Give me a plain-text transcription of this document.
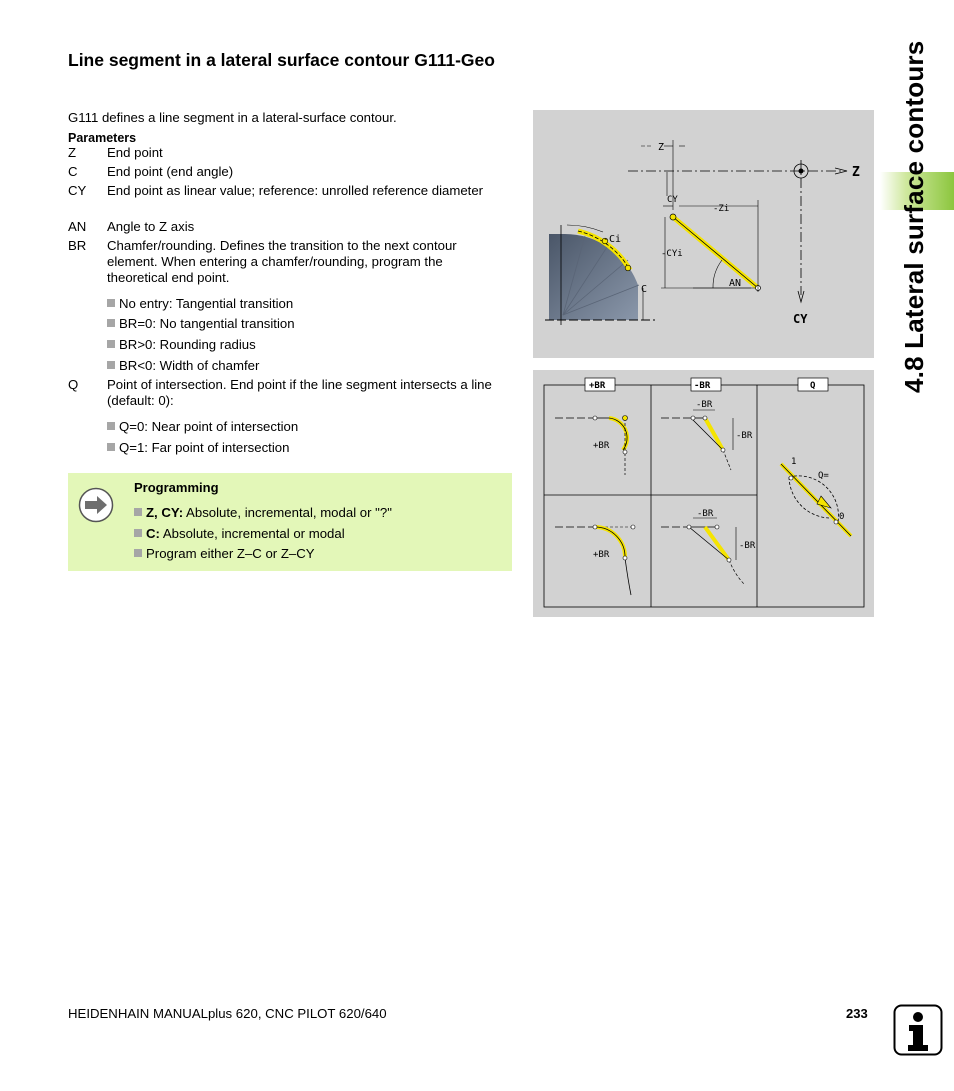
Line segment in a lateral surface contour G111-Geo
G111 defines a line segment in a lateral-surface contour.
Parameters
Z	End point
C	End point (end angle)
CY	End point as linear value; reference: unrolled reference diameter
AN	Angle to Z axis
BR	Chamfer/rounding. Defines the transition to the next contour element. When entering a chamfer/rounding, program the theoretical end point.
No entry: Tangential transition
BR=0: No tangential transition
BR>0: Rounding radius
BR<0: Width of chamfer
Q	Point of intersection. End point if the line segment intersects a line (default: 0):
Q=0: Near point of intersection
Q=1: Far point of intersection
Programming
Z, CY: Absolute, incremental, modal or "?"
C: Absolute, incremental or modal
Program either Z–C or Z–CY
Z
Z
CY
CY
-Zi
-Ci
-CYi
AN
C
+BR	-BR	Q
+BR
-BR
-BR
+BR
-BR
-BR
1
Q=
0
4.8 Lateral surface contours
HEIDENHAIN MANUALplus 620, CNC PILOT 620/640	233
